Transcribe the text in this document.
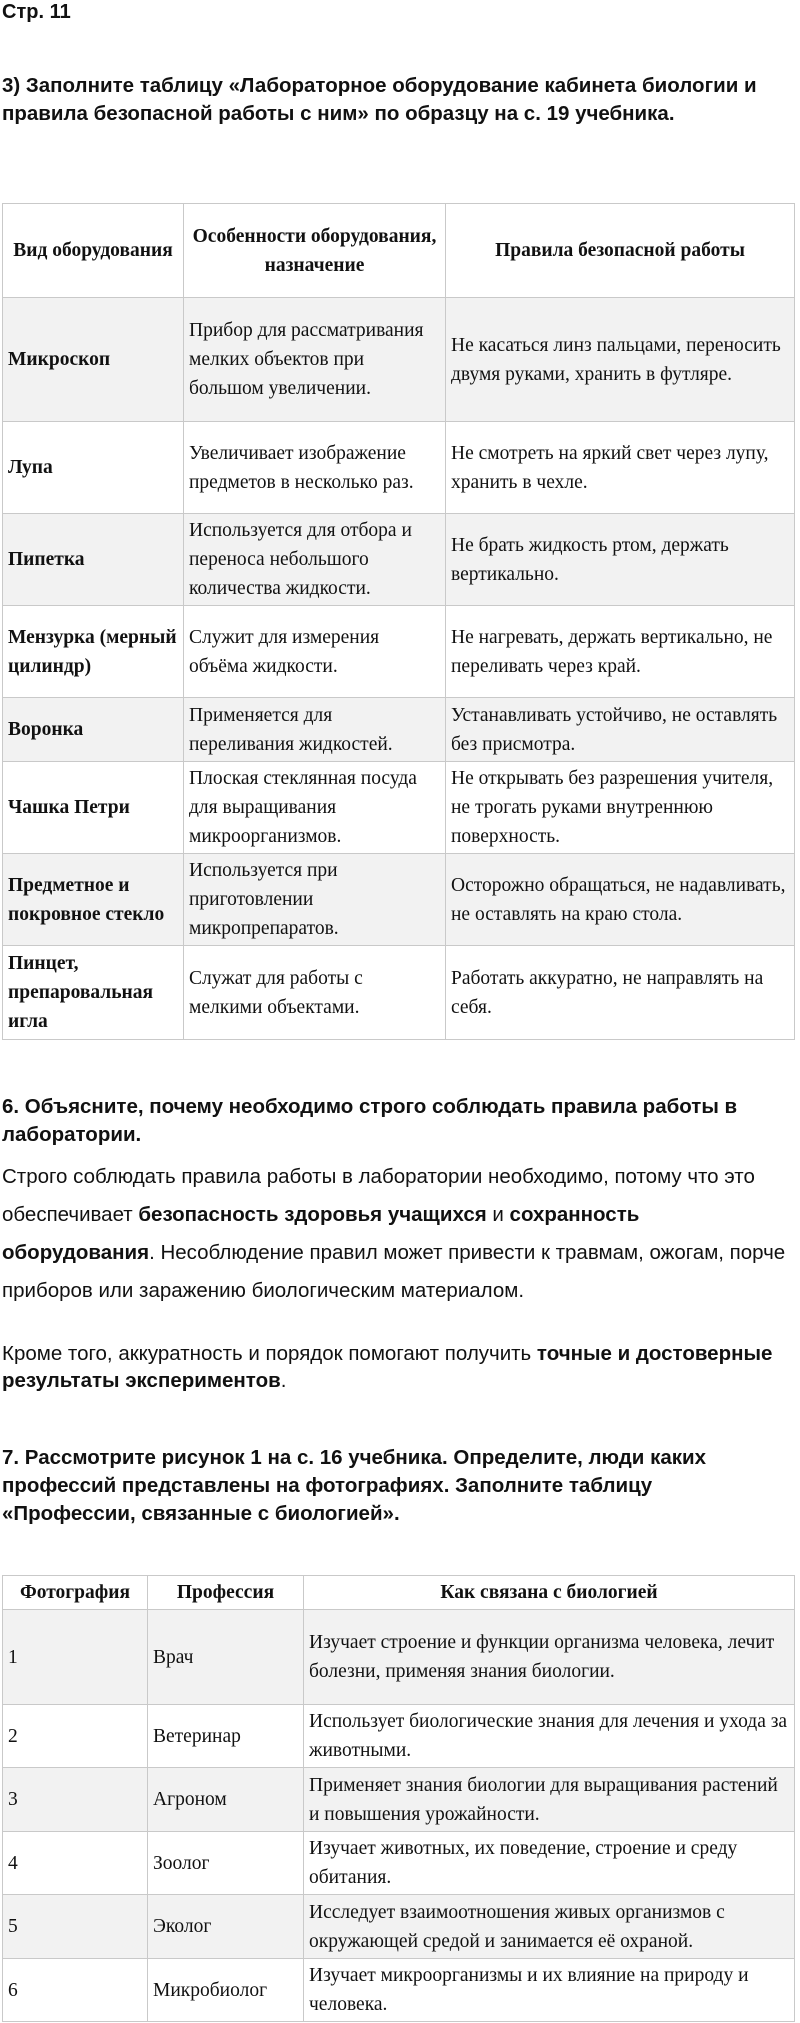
Стр. 11
3) Заполните таблицу «Лабораторное оборудование кабинета биологии и правила безопасной работы с ним» по образцу на с. 19 учебника.
Вид оборудования	Особенности оборудования, назначение	Правила безопасной работы
Микроскоп	Прибор для рассматривания мелких объектов при большом увеличении.	Не касаться линз пальцами, переносить двумя руками, хранить в футляре.
Лупа	Увеличивает изображение предметов в несколько раз.	Не смотреть на яркий свет через лупу, хранить в чехле.
Пипетка	Используется для отбора и переноса небольшого количества жидкости.	Не брать жидкость ртом, держать вертикально.
Мензурка (мерный цилиндр)	Служит для измерения объёма жидкости.	Не нагревать, держать вертикально, не переливать через край.
Воронка	Применяется для переливания жидкостей.	Устанавливать устойчиво, не оставлять без присмотра.
Чашка Петри	Плоская стеклянная посуда для выращивания микроорганизмов.	Не открывать без разрешения учителя, не трогать руками внутреннюю поверхность.
Предметное и покровное стекло	Используется при приготовлении микропрепаратов.	Осторожно обращаться, не надавливать, не оставлять на краю стола.
Пинцет, препаровальная игла	Служат для работы с мелкими объектами.	Работать аккуратно, не направлять на себя.
6. Объясните, почему необходимо строго соблюдать правила работы в лаборатории.

Строго соблюдать правила работы в лаборатории необходимо, потому что это обеспечивает безопасность здоровья учащихся и сохранность оборудования. Несоблюдение правил может привести к травмам, ожогам, порче приборов или заражению биологическим материалом.

Кроме того, аккуратность и порядок помогают получить точные и достоверные результаты экспериментов.

7. Рассмотрите рисунок 1 на с. 16 учебника. Определите, люди каких профессий представлены на фотографиях. Заполните таблицу «Профессии, связанные с биологией».
Фотография	Профессия	Как связана с биологией
1	Врач	Изучает строение и функции организма человека, лечит болезни, применяя знания биологии.
2	Ветеринар	Использует биологические знания для лечения и ухода за животными.
3	Агроном	Применяет знания биологии для выращивания растений и повышения урожайности.
4	Зоолог	Изучает животных, их поведение, строение и среду обитания.
5	Эколог	Исследует взаимоотношения живых организмов с окружающей средой и занимается её охраной.
6	Микробиолог	Изучает микроорганизмы и их влияние на природу и человека.
